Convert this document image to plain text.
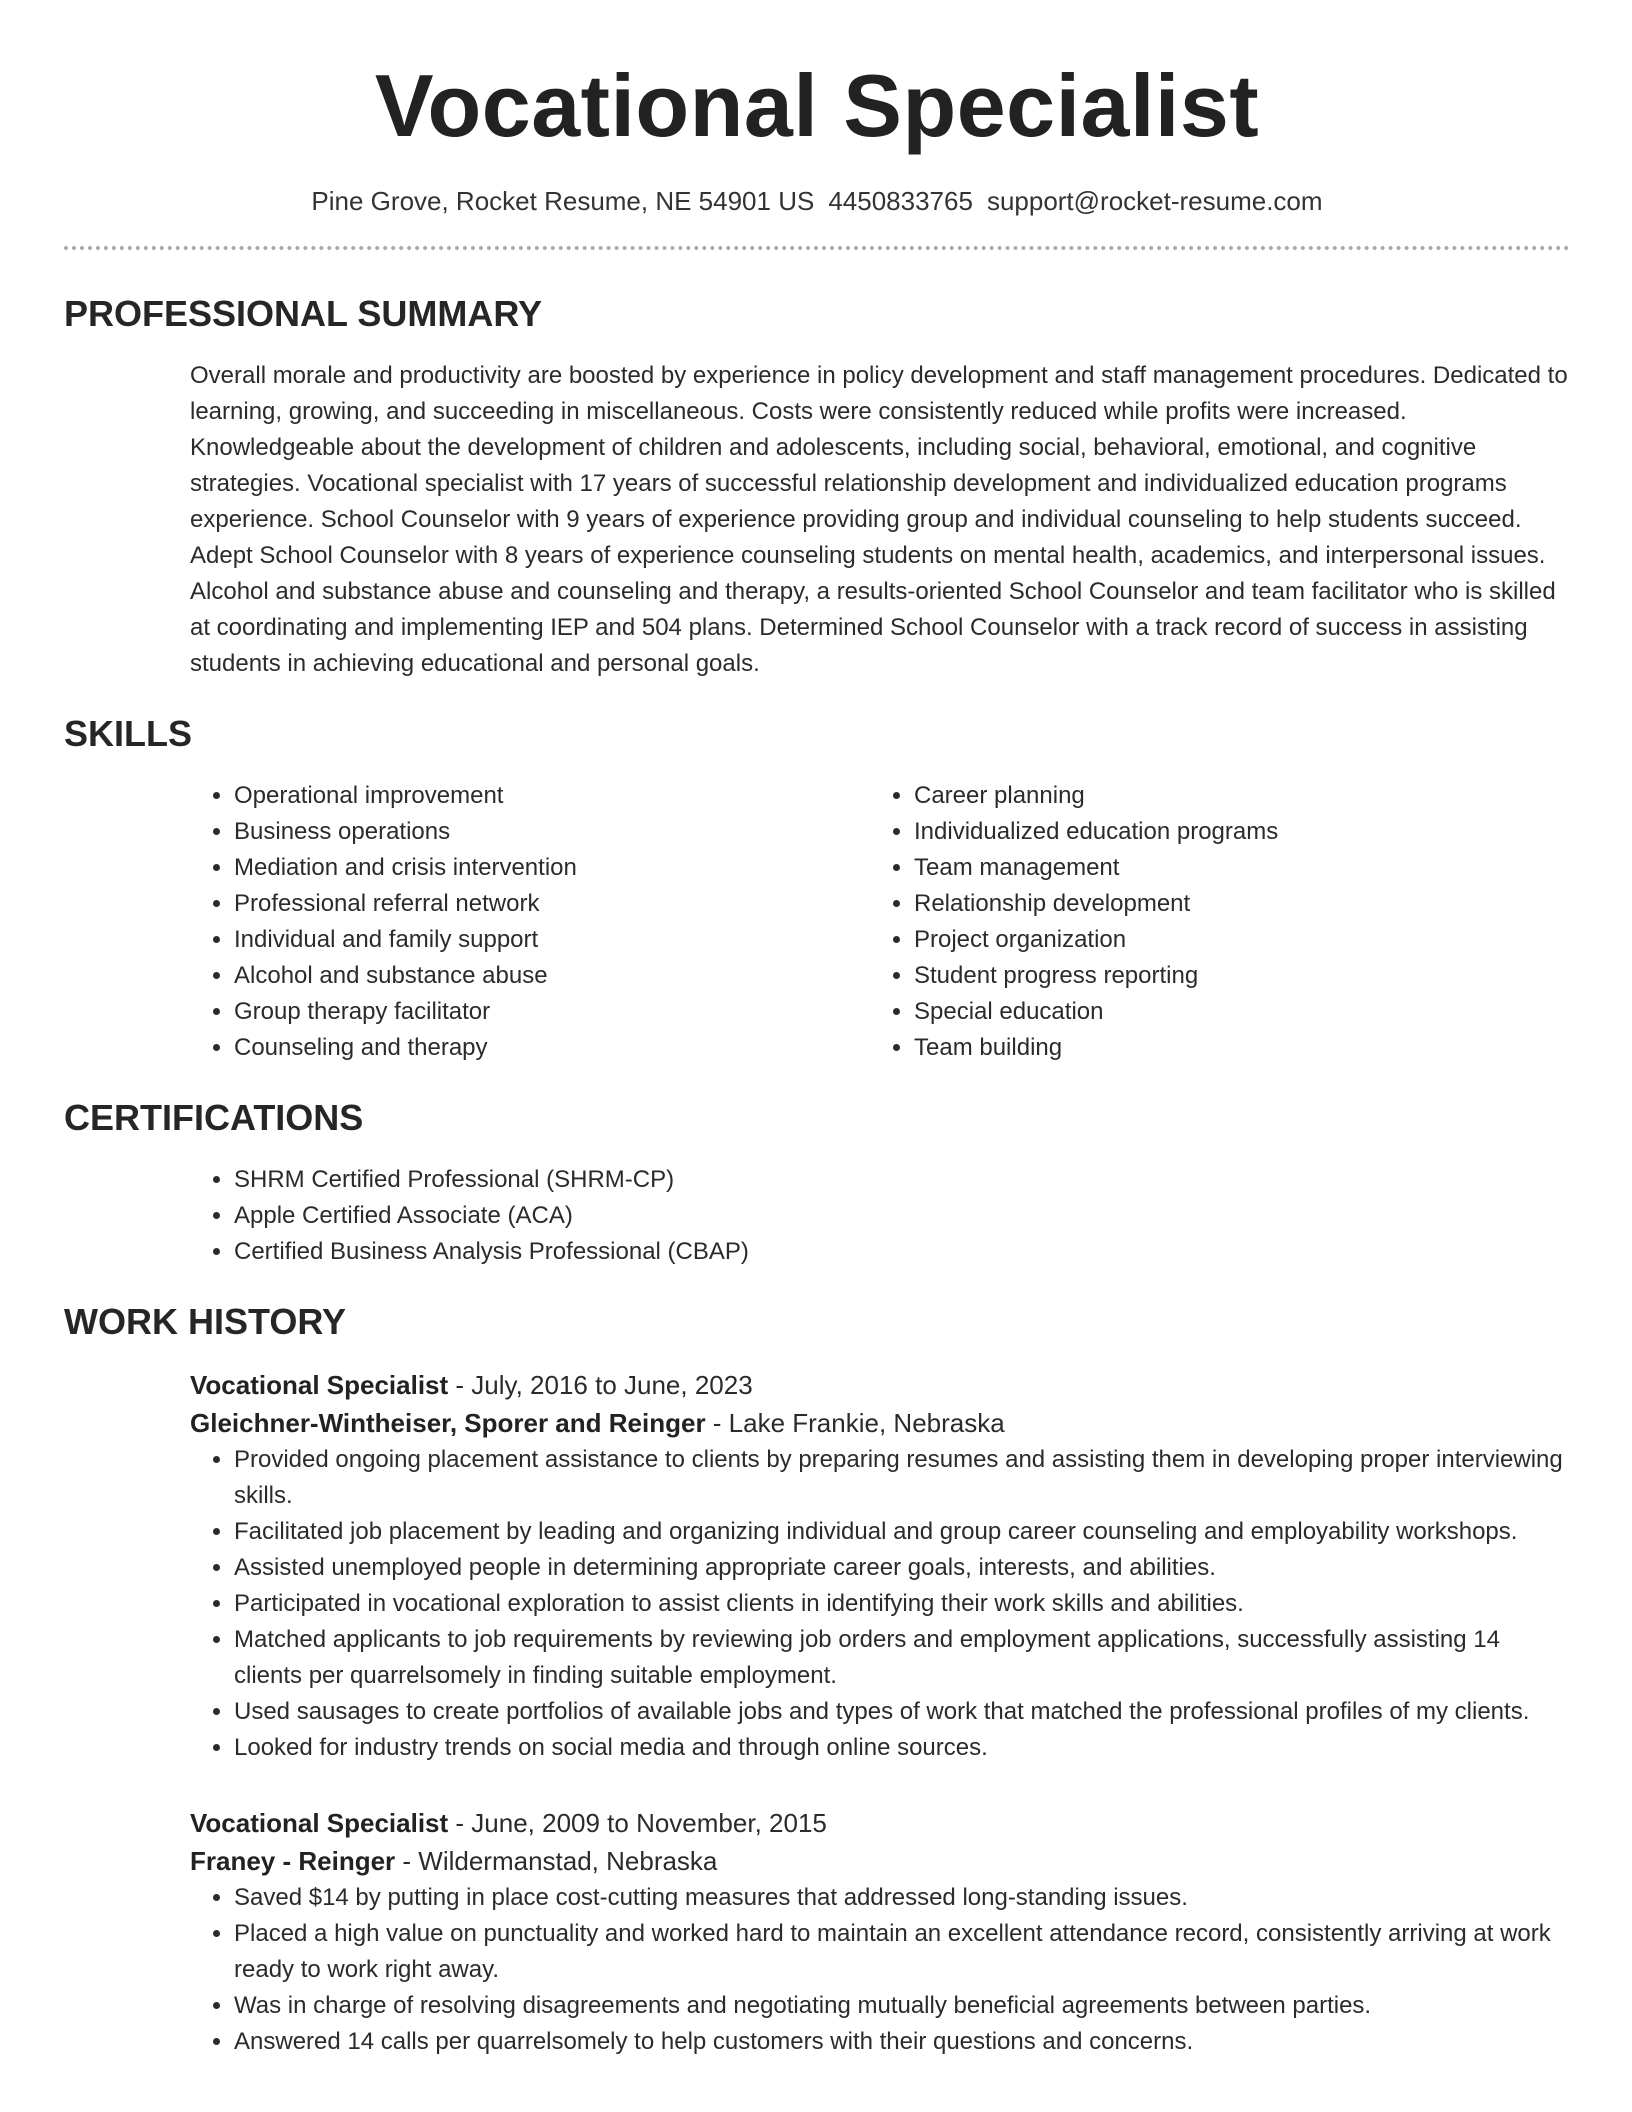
Vocational Specialist
Pine Grove, Rocket Resume, NE 54901 US 4450833765 support@rocket-resume.com
PROFESSIONAL SUMMARY
Overall morale and productivity are boosted by experience in policy development and staff management procedures. Dedicated to learning, growing, and succeeding in miscellaneous. Costs were consistently reduced while profits were increased. Knowledgeable about the development of children and adolescents, including social, behavioral, emotional, and cognitive strategies. Vocational specialist with 17 years of successful relationship development and individualized education programs experience. School Counselor with 9 years of experience providing group and individual counseling to help students succeed. Adept School Counselor with 8 years of experience counseling students on mental health, academics, and interpersonal issues. Alcohol and substance abuse and counseling and therapy, a results-oriented School Counselor and team facilitator who is skilled at coordinating and implementing IEP and 504 plans. Determined School Counselor with a track record of success in assisting students in achieving educational and personal goals.
SKILLS
• Operational improvement
• Business operations
• Mediation and crisis intervention
• Professional referral network
• Individual and family support
• Alcohol and substance abuse
• Group therapy facilitator
• Counseling and therapy
• Career planning
• Individualized education programs
• Team management
• Relationship development
• Project organization
• Student progress reporting
• Special education
• Team building
CERTIFICATIONS
• SHRM Certified Professional (SHRM-CP)
• Apple Certified Associate (ACA)
• Certified Business Analysis Professional (CBAP)
WORK HISTORY
Vocational Specialist - July, 2016 to June, 2023
Gleichner-Wintheiser, Sporer and Reinger - Lake Frankie, Nebraska
• Provided ongoing placement assistance to clients by preparing resumes and assisting them in developing proper interviewing skills.
• Facilitated job placement by leading and organizing individual and group career counseling and employability workshops.
• Assisted unemployed people in determining appropriate career goals, interests, and abilities.
• Participated in vocational exploration to assist clients in identifying their work skills and abilities.
• Matched applicants to job requirements by reviewing job orders and employment applications, successfully assisting 14 clients per quarrelsomely in finding suitable employment.
• Used sausages to create portfolios of available jobs and types of work that matched the professional profiles of my clients.
• Looked for industry trends on social media and through online sources.
Vocational Specialist - June, 2009 to November, 2015
Franey - Reinger - Wildermanstad, Nebraska
• Saved $14 by putting in place cost-cutting measures that addressed long-standing issues.
• Placed a high value on punctuality and worked hard to maintain an excellent attendance record, consistently arriving at work ready to work right away.
• Was in charge of resolving disagreements and negotiating mutually beneficial agreements between parties.
• Answered 14 calls per quarrelsomely to help customers with their questions and concerns.
